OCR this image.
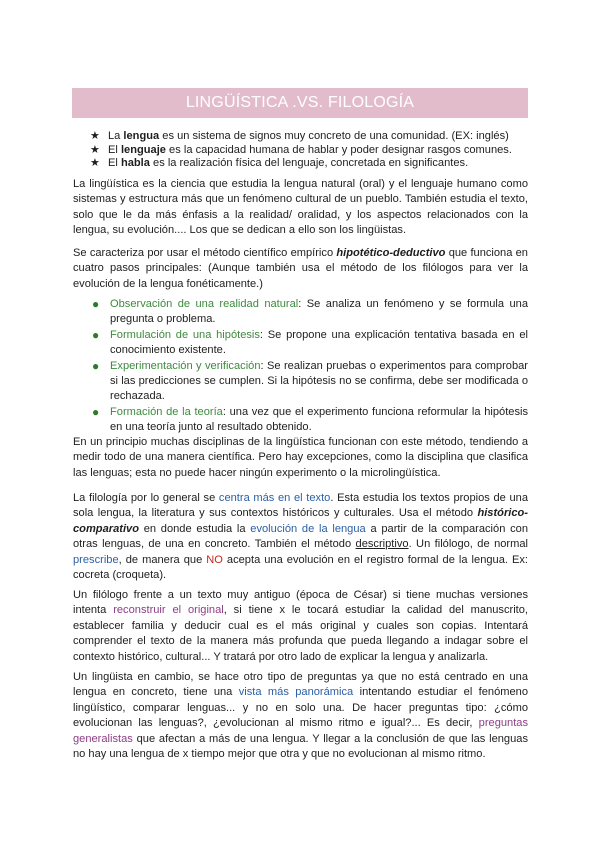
LINGÜÍSTICA .VS. FILOLOGÍA
★ La lengua es un sistema de signos muy concreto de una comunidad. (EX: inglés)
★ El lenguaje es la capacidad humana de hablar y poder designar rasgos comunes.
★ El habla es la realización física del lenguaje, concretada en significantes.

La lingüística es la ciencia que estudia la lengua natural (oral) y el lenguaje humano como sistemas y estructura más que un fenómeno cultural de un pueblo. También estudia el texto, solo que le da más énfasis a la realidad/ oralidad, y los aspectos relacionados con la lengua, su evolución.... Los que se dedican a ello son los lingüistas.

Se caracteriza por usar el método científico empírico hipotético-deductivo que funciona en cuatro pasos principales: (Aunque también usa el método de los filólogos para ver la evolución de la lengua fonéticamente.)

● Observación de una realidad natural: Se analiza un fenómeno y se formula una pregunta o problema.
● Formulación de una hipótesis: Se propone una explicación tentativa basada en el conocimiento existente.
● Experimentación y verificación: Se realizan pruebas o experimentos para comprobar si las predicciones se cumplen. Si la hipótesis no se confirma, debe ser modificada o rechazada.
● Formación de la teoría: una vez que el experimento funciona reformular la hipótesis en una teoría junto al resultado obtenido.

En un principio muchas disciplinas de la lingüística funcionan con este método, tendiendo a medir todo de una manera científica. Pero hay excepciones, como la disciplina que clasifica las lenguas; esta no puede hacer ningún experimento o la microlingüística.

La filología por lo general se centra más en el texto. Esta estudia los textos propios de una sola lengua, la literatura y sus contextos históricos y culturales. Usa el método histórico-comparativo en donde estudia la evolución de la lengua a partir de la comparación con otras lenguas, de una en concreto. También el método descriptivo. Un filólogo, de normal prescribe, de manera que NO acepta una evolución en el registro formal de la lengua. Ex: cocreta (croqueta).

Un filólogo frente a un texto muy antiguo (época de César) si tiene muchas versiones intenta reconstruir el original, si tiene x le tocará estudiar la calidad del manuscrito, establecer familia y deducir cual es el más original y cuales son copias. Intentará comprender el texto de la manera más profunda que pueda llegando a indagar sobre el contexto histórico, cultural... Y tratará por otro lado de explicar la lengua y analizarla.

Un lingüista en cambio, se hace otro tipo de preguntas ya que no está centrado en una lengua en concreto, tiene una vista más panorámica intentando estudiar el fenómeno lingüístico, comparar lenguas... y no en solo una. De hacer preguntas tipo: ¿cómo evolucionan las lenguas?, ¿evolucionan al mismo ritmo e igual?... Es decir, preguntas generalistas que afectan a más de una lengua. Y llegar a la conclusión de que las lenguas no hay una lengua de x tiempo mejor que otra y que no evolucionan al mismo ritmo.
